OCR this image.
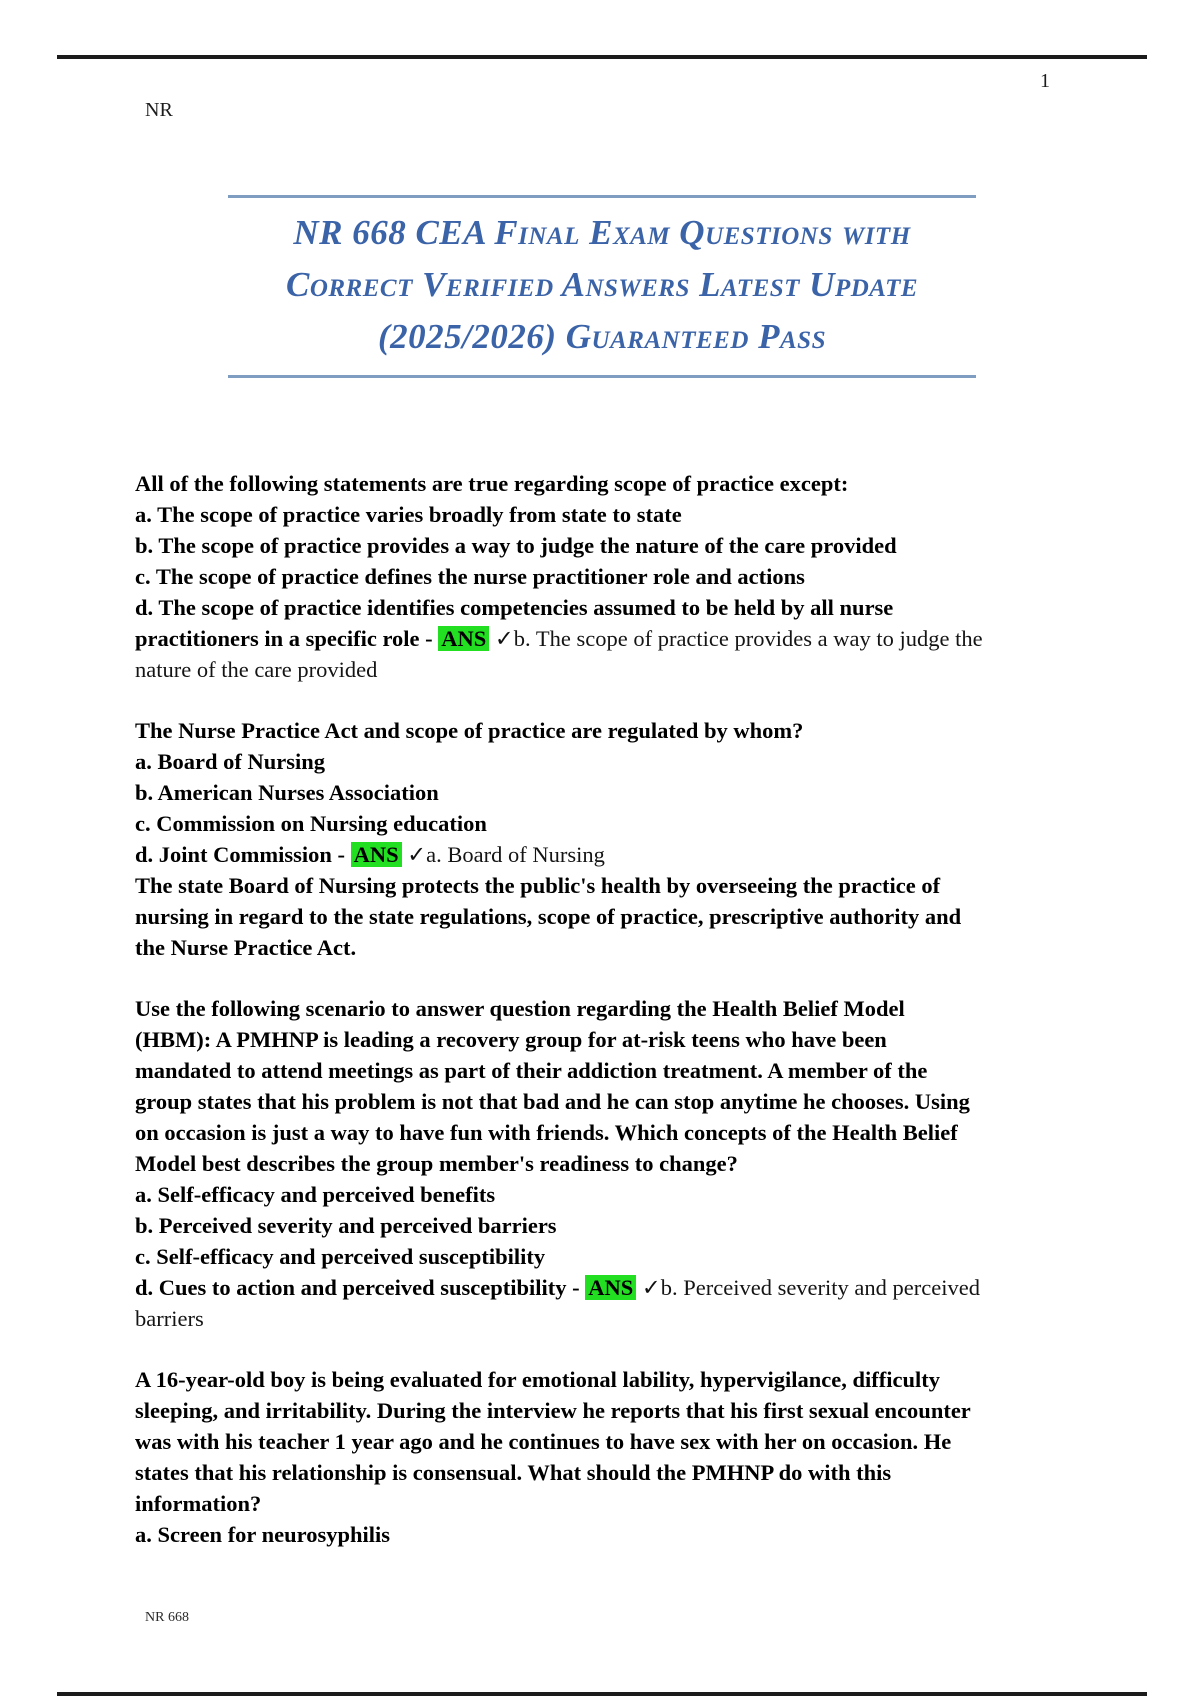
1
NR
NR 668 CEA Final Exam Questions with
Correct Verified Answers Latest Update
(2025/2026) Guaranteed Pass
All of the following statements are true regarding scope of practice except:
a. The scope of practice varies broadly from state to state
b. The scope of practice provides a way to judge the nature of the care provided
c. The scope of practice defines the nurse practitioner role and actions
d. The scope of practice identifies competencies assumed to be held by all nurse
practitioners in a specific role - ANS ✓b. The scope of practice provides a way to judge the
nature of the care provided
The Nurse Practice Act and scope of practice are regulated by whom?
a. Board of Nursing
b. American Nurses Association
c. Commission on Nursing education
d. Joint Commission - ANS ✓a. Board of Nursing
The state Board of Nursing protects the public's health by overseeing the practice of
nursing in regard to the state regulations, scope of practice, prescriptive authority and
the Nurse Practice Act.
Use the following scenario to answer question regarding the Health Belief Model
(HBM): A PMHNP is leading a recovery group for at-risk teens who have been
mandated to attend meetings as part of their addiction treatment. A member of the
group states that his problem is not that bad and he can stop anytime he chooses. Using
on occasion is just a way to have fun with friends. Which concepts of the Health Belief
Model best describes the group member's readiness to change?
a. Self-efficacy and perceived benefits
b. Perceived severity and perceived barriers
c. Self-efficacy and perceived susceptibility
d. Cues to action and perceived susceptibility - ANS ✓b. Perceived severity and perceived
barriers
A 16-year-old boy is being evaluated for emotional lability, hypervigilance, difficulty
sleeping, and irritability. During the interview he reports that his first sexual encounter
was with his teacher 1 year ago and he continues to have sex with her on occasion. He
states that his relationship is consensual. What should the PMHNP do with this
information?
a. Screen for neurosyphilis
NR 668
